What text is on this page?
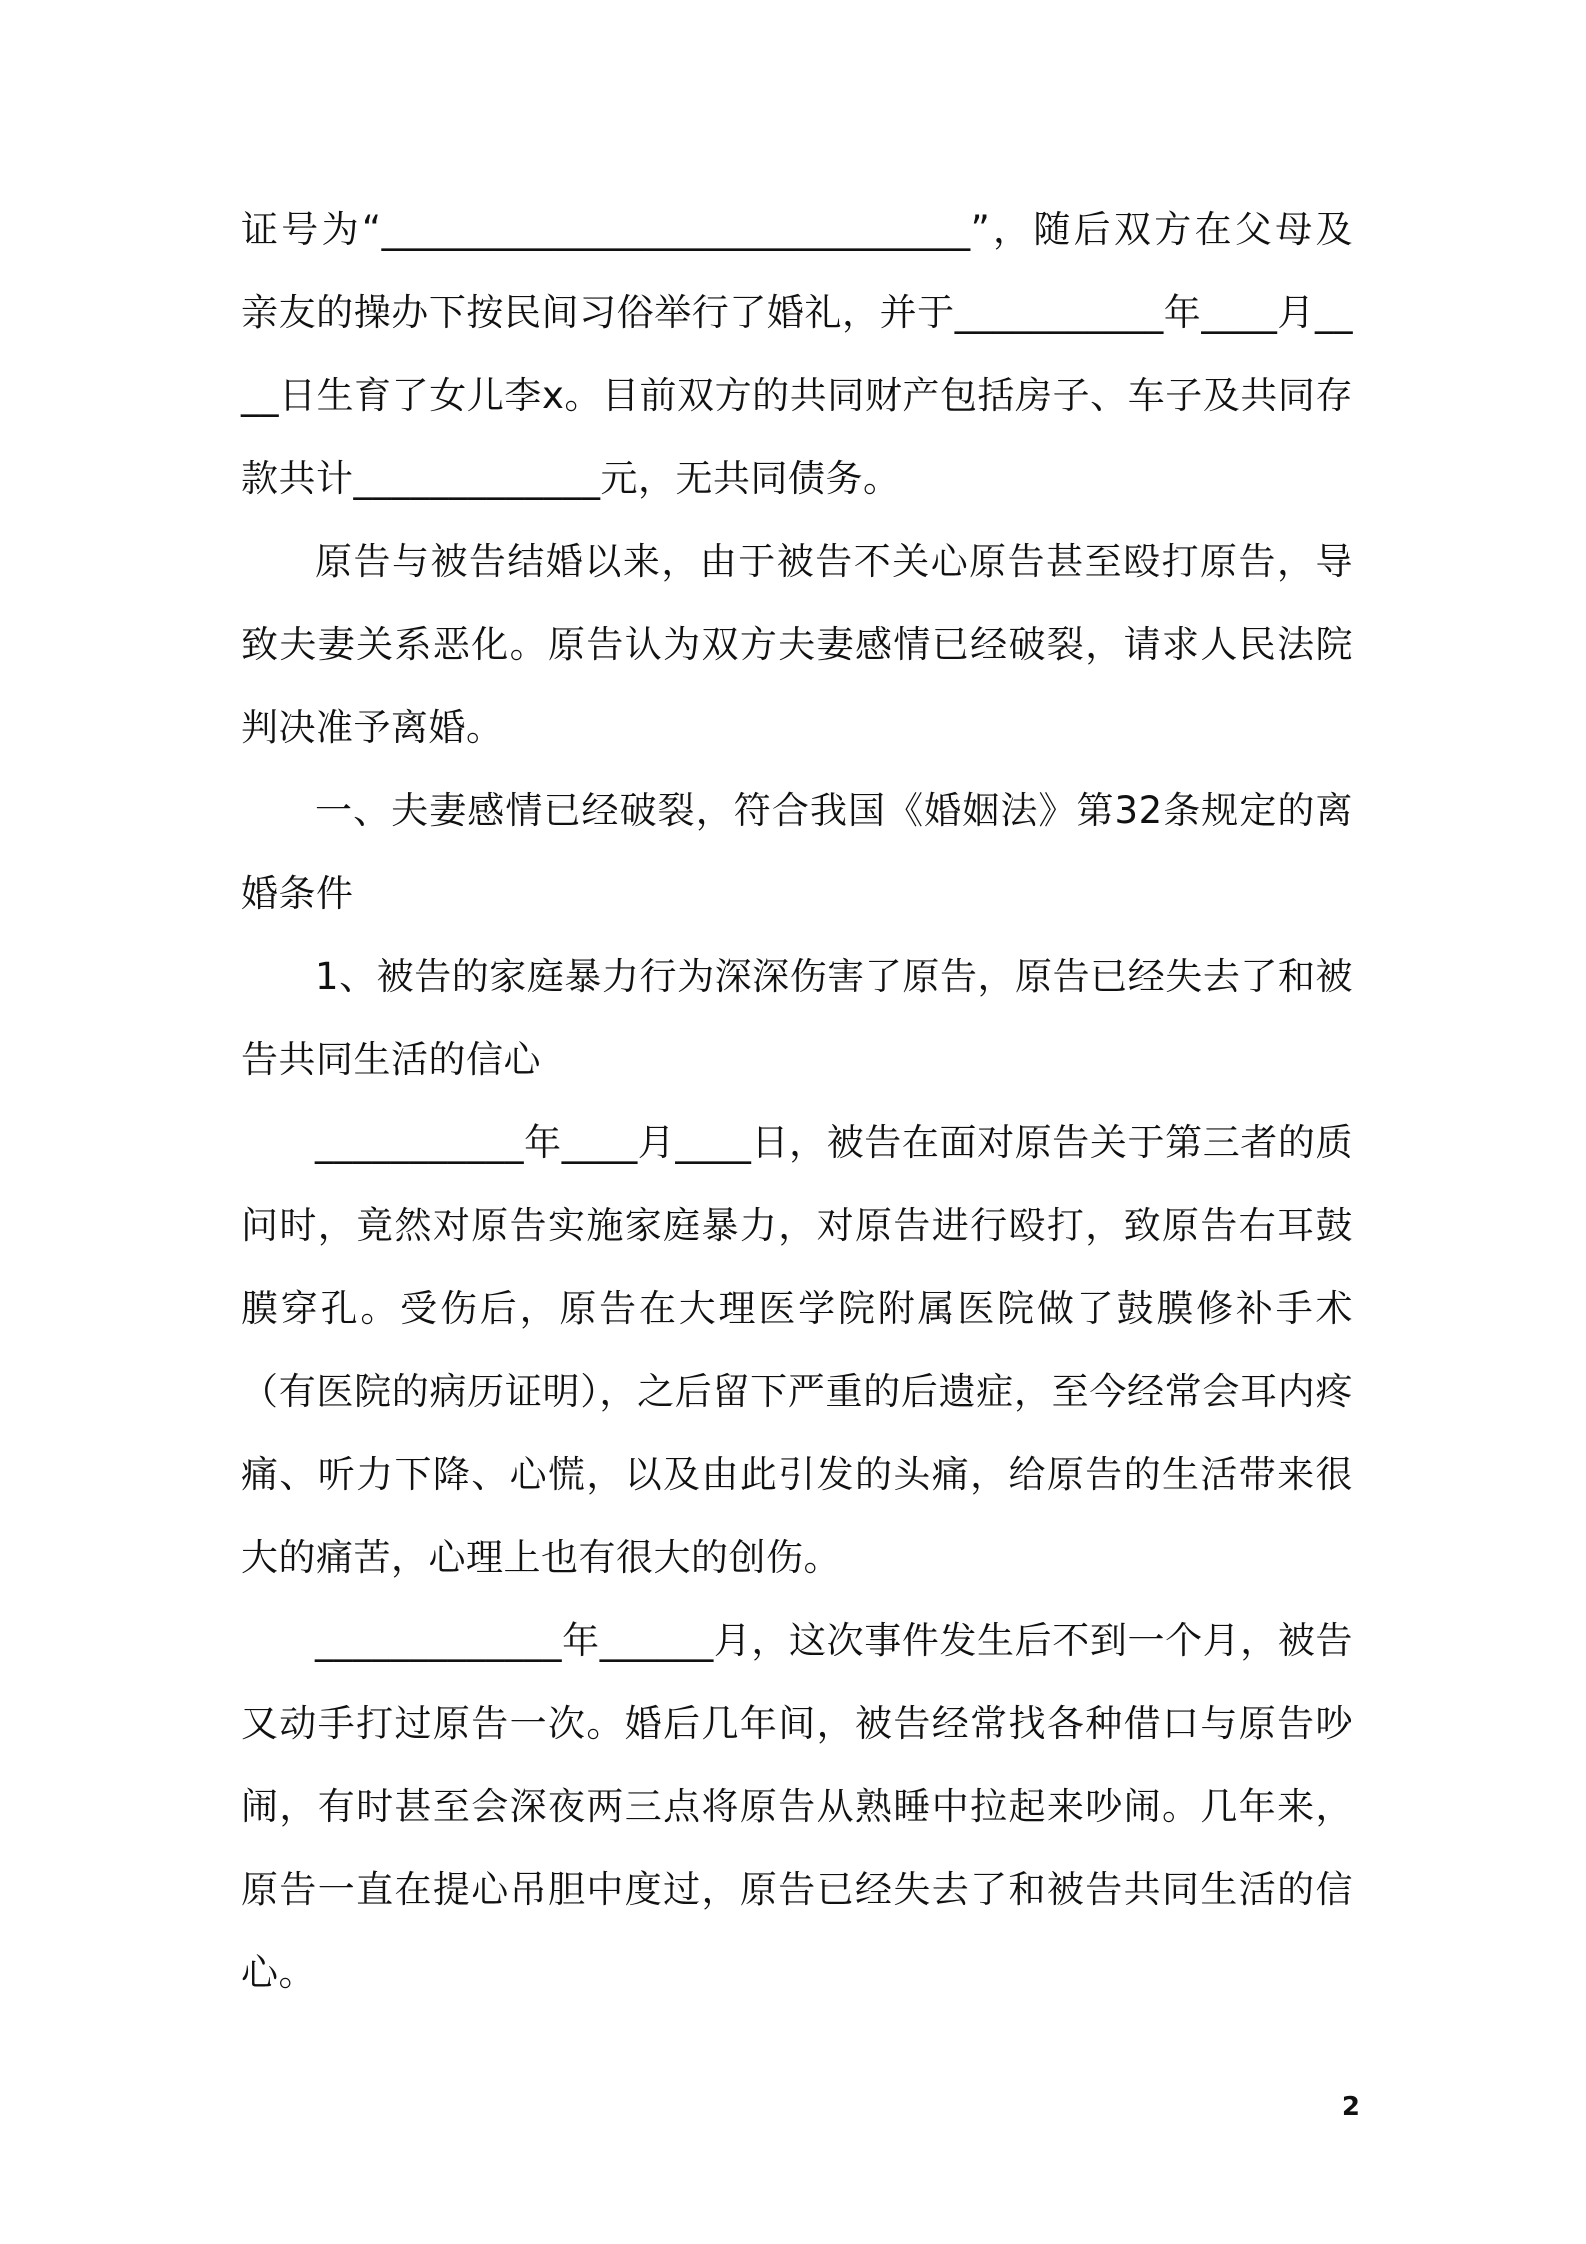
证号为“_______________________________”，随后双方在父母及亲友的操办下按民间习俗举行了婚礼，并于___________年____月____日生育了女儿李x。目前双方的共同财产包括房子、车子及共同存款共计_____________元，无共同债务。

原告与被告结婚以来，由于被告不关心原告甚至殴打原告，导致夫妻关系恶化。原告认为双方夫妻感情已经破裂，请求人民法院判决准予离婚。

一、夫妻感情已经破裂，符合我国《婚姻法》第32条规定的离婚条件

1、被告的家庭暴力行为深深伤害了原告，原告已经失去了和被告共同生活的信心

___________年____月____日，被告在面对原告关于第三者的质问时，竟然对原告实施家庭暴力，对原告进行殴打，致原告右耳鼓膜穿孔。受伤后，原告在大理医学院附属医院做了鼓膜修补手术（有医院的病历证明），之后留下严重的后遗症，至今经常会耳内疼痛、听力下降、心慌，以及由此引发的头痛，给原告的生活带来很大的痛苦，心理上也有很大的创伤。

_____________年______月，这次事件发生后不到一个月，被告又动手打过原告一次。婚后几年间，被告经常找各种借口与原告吵闹，有时甚至会深夜两三点将原告从熟睡中拉起来吵闹。几年来，原告一直在提心吊胆中度过，原告已经失去了和被告共同生活的信心。

2
